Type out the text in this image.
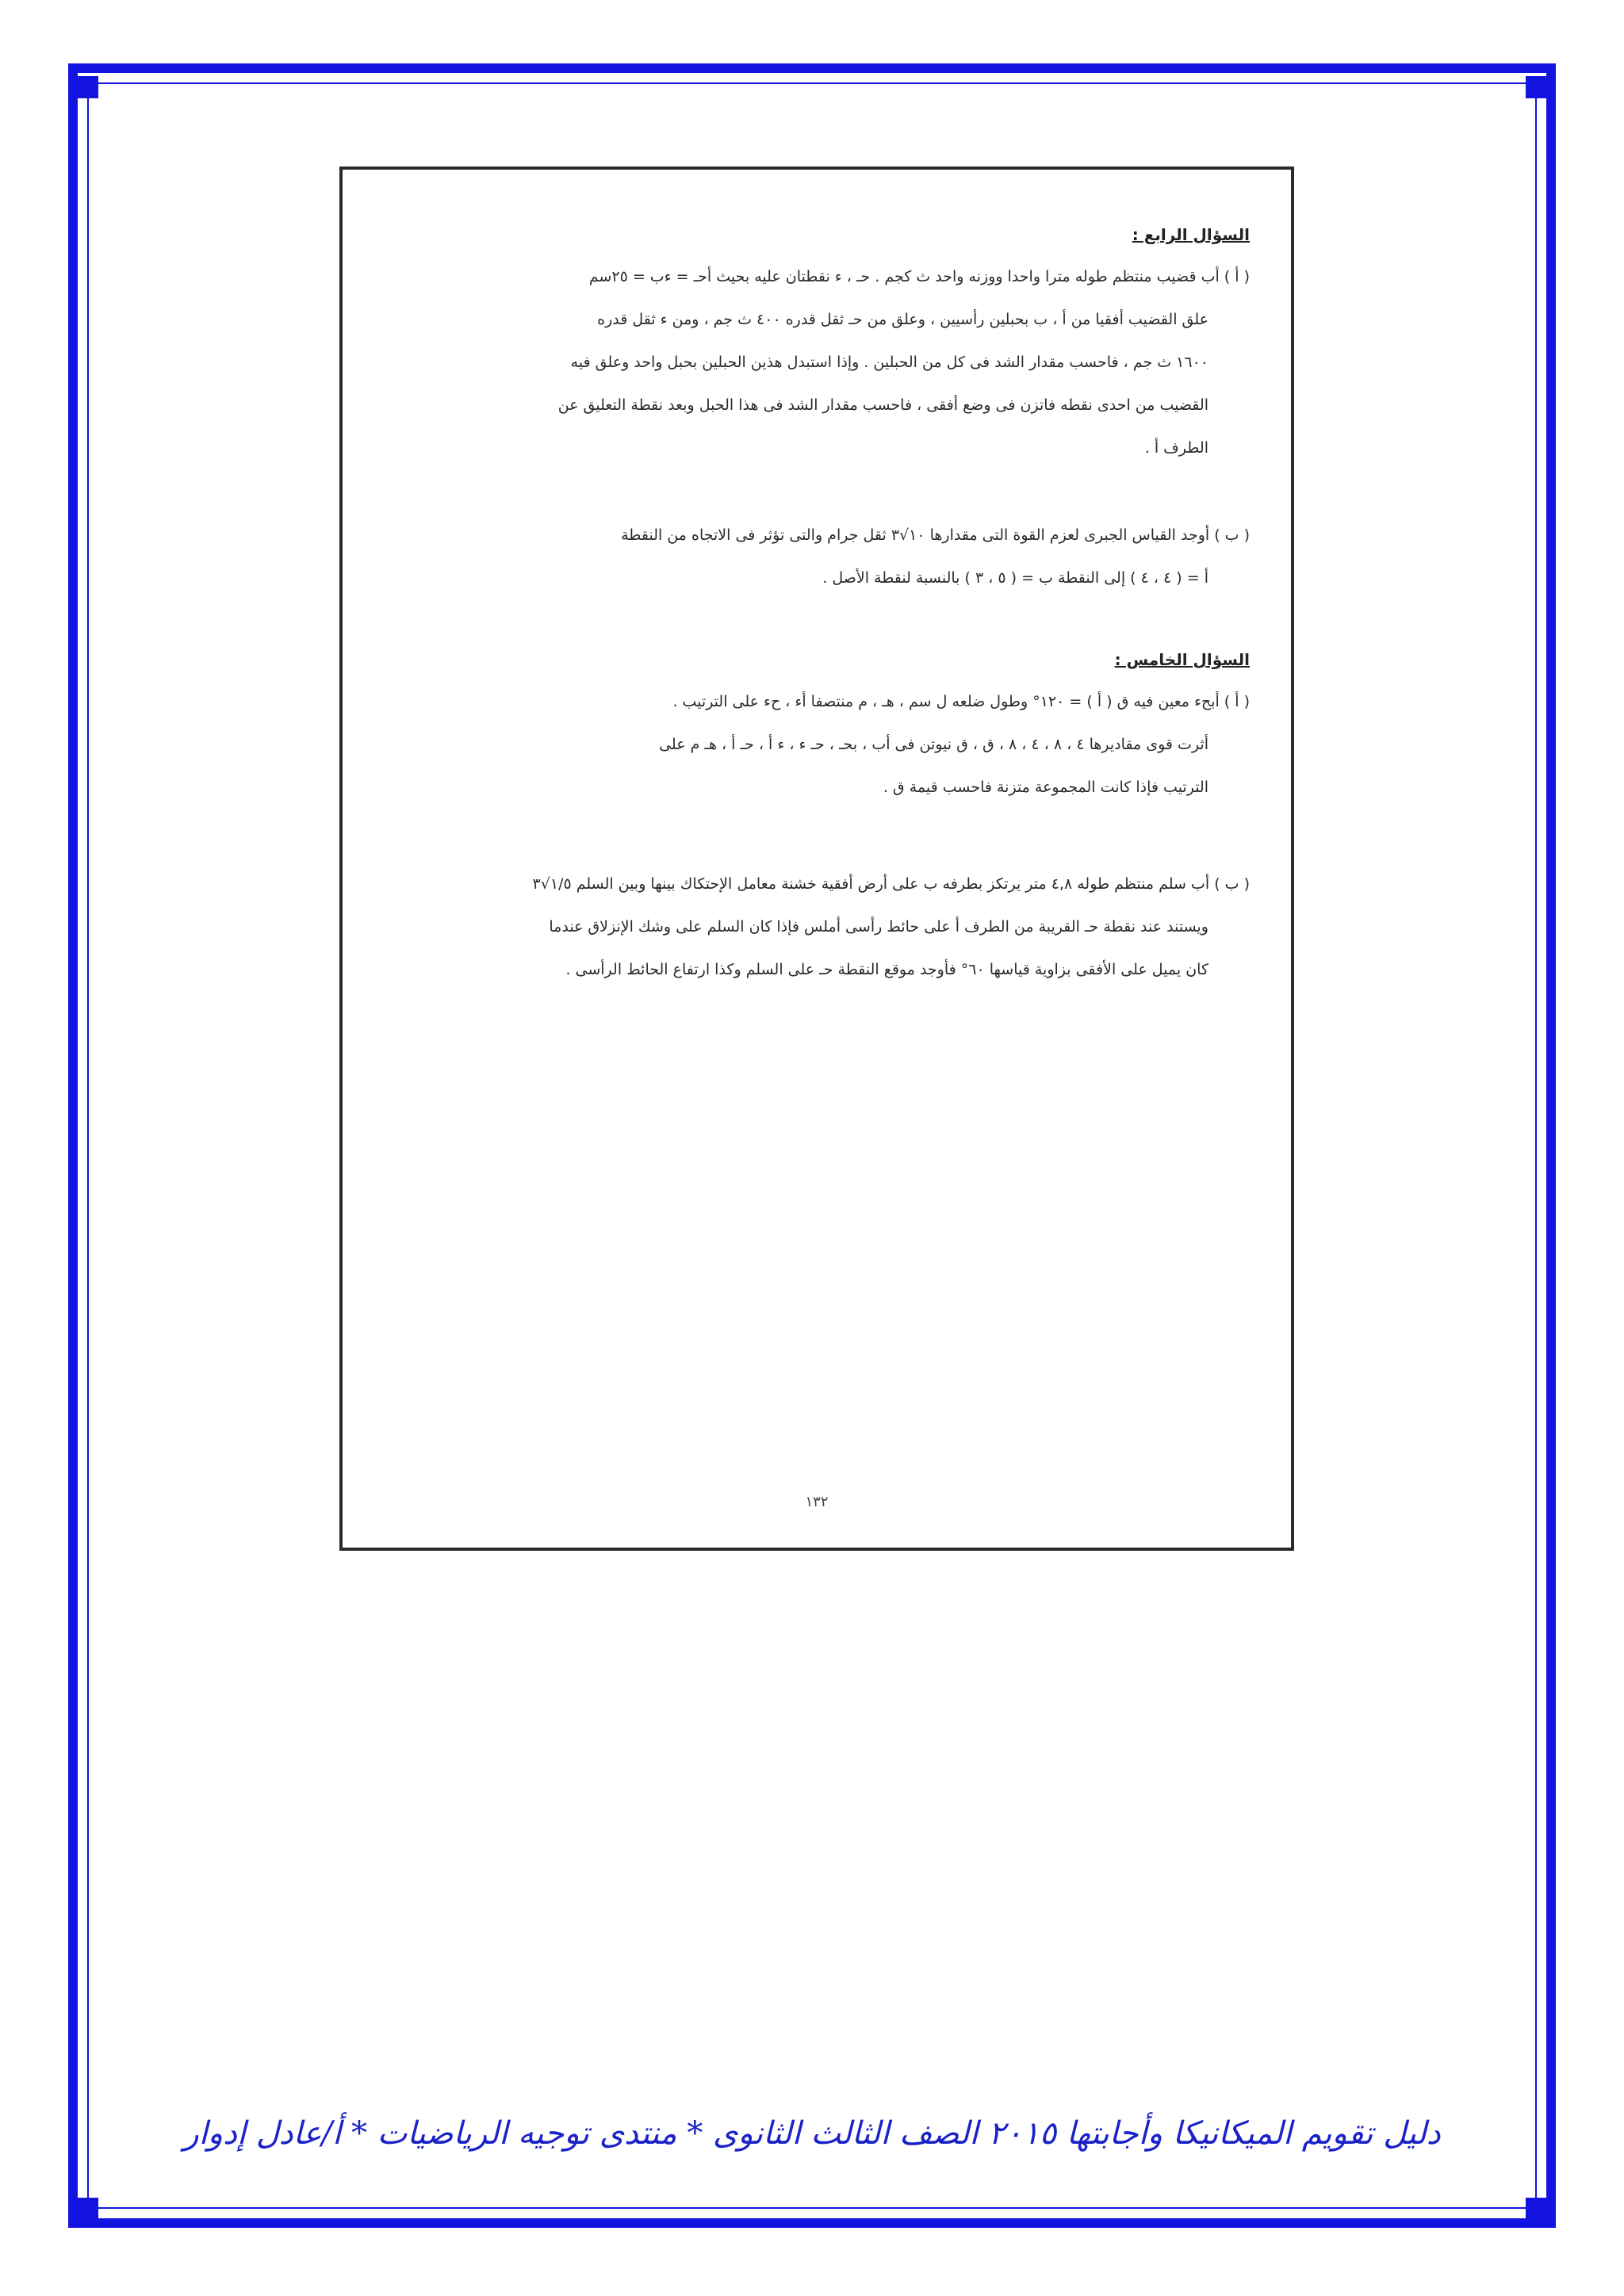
السؤال الرابع :
( أ ) أب قضيب منتظم طوله مترا واحدا ووزنه واحد ث كجم . حـ ، ء نقطتان عليه بحيث أحـ = ءب = ٢٥سم
علق القضيب أفقيا من أ ، ب بحبلين رأسيين ، وعلق من حـ ثقل قدره ٤٠٠ ث جم ، ومن ء ثقل قدره
١٦٠٠ ث جم ، فاحسب مقدار الشد فى كل من الحبلين . وإذا استبدل هذين الحبلين بحبل واحد وعلق فيه
القضيب من احدى نقطه فاتزن فى وضع أفقى ، فاحسب مقدار الشد فى هذا الحبل وبعد نقطة التعليق عن
الطرف أ .
( ب ) أوجد القياس الجبرى لعزم القوة التى مقدارها ١٠√٣ ثقل جرام والتى تؤثر فى الاتجاه من النقطة
أ = ( ٤ ، ٤ ) إلى النقطة ب = ( ٥ ، ٣ ) بالنسبة لنقطة الأصل .
السؤال الخامس :
( أ ) أبحء معين فيه ق ( أ ) = ١٢٠° وطول ضلعه ل سم ، هـ ، م منتصفا أء ، حء على الترتيب .
أثرت قوى مقاديرها ٤ ، ٨ ، ٤ ، ٨ ، ق ، ق نيوتن فى أب ، بحـ ، حـ ء ، ء أ ، حـ أ ، هـ م على
الترتيب فإذا كانت المجموعة متزنة فاحسب قيمة ق .
( ب ) أب سلم منتظم طوله ٤,٨ متر يرتكز بطرفه ب على أرض أفقية خشنة معامل الإحتكاك بينها وبين السلم ١/٥√٣
ويستند عند نقطة حـ القريبة من الطرف أ على حائط رأسى أملس فإذا كان السلم على وشك الإنزلاق عندما
كان يميل على الأفقى بزاوية قياسها ٦٠° فأوجد موقع النقطة حـ على السلم وكذا ارتفاع الحائط الرأسى .
١٣٢
دليل تقويم الميكانيكا وأجابتها ٢٠١٥ الصف الثالث الثانوى * منتدى توجيه الرياضيات * أ/عادل إدوار
